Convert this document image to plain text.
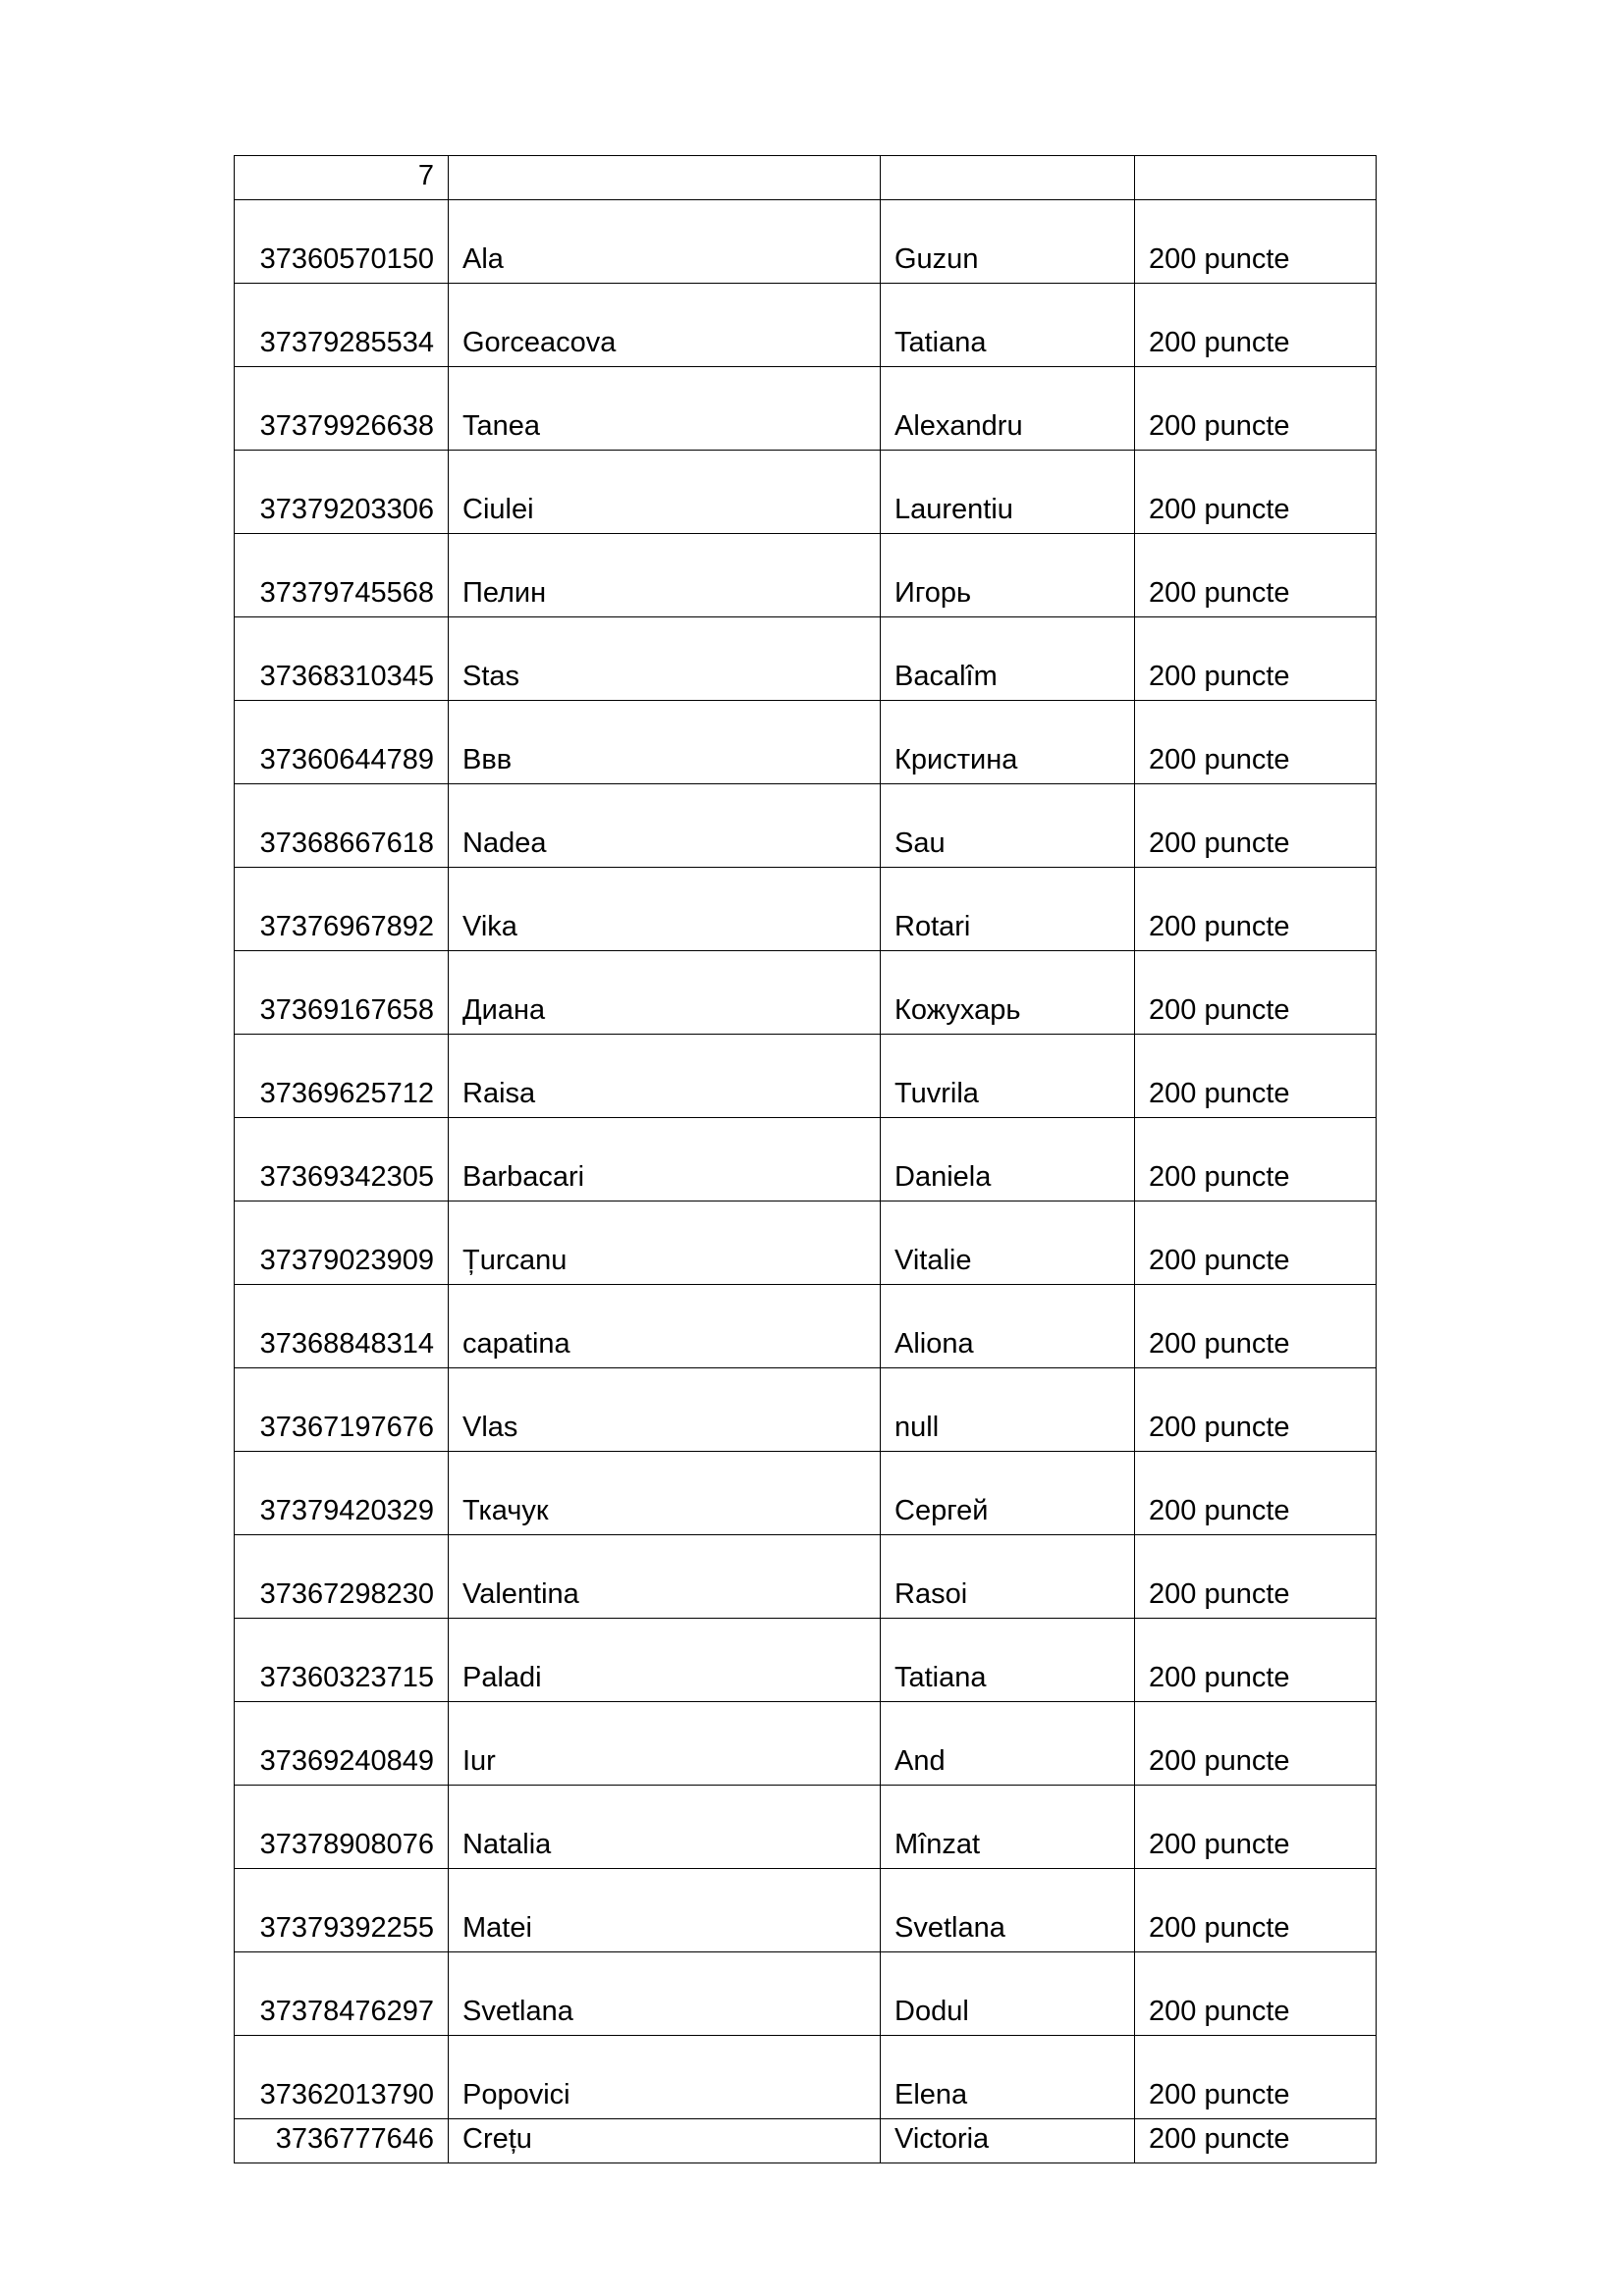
7			
37360570150	Ala	Guzun	200 puncte
37379285534	Gorceacova	Tatiana	200 puncte
37379926638	Tanea	Alexandru	200 puncte
37379203306	Ciulei	Laurentiu	200 puncte
37379745568	Пелин	Игорь	200 puncte
37368310345	Stas	Bacalîm	200 puncte
37360644789	Ввв	Кристина	200 puncte
37368667618	Nadea	Sau	200 puncte
37376967892	Vika	Rotari	200 puncte
37369167658	Диана	Кожухарь	200 puncte
37369625712	Raisa	Tuvrila	200 puncte
37369342305	Barbacari	Daniela	200 puncte
37379023909	Țurcanu	Vitalie	200 puncte
37368848314	capatina	Aliona	200 puncte
37367197676	Vlas	null	200 puncte
37379420329	Ткачук	Сергей	200 puncte
37367298230	Valentina	Rasoi	200 puncte
37360323715	Paladi	Tatiana	200 puncte
37369240849	Iur	And	200 puncte
37378908076	Natalia	Mînzat	200 puncte
37379392255	Matei	Svetlana	200 puncte
37378476297	Svetlana	Dodul	200 puncte
37362013790	Popovici	Elena	200 puncte
3736777646	Crețu	Victoria	200 puncte
